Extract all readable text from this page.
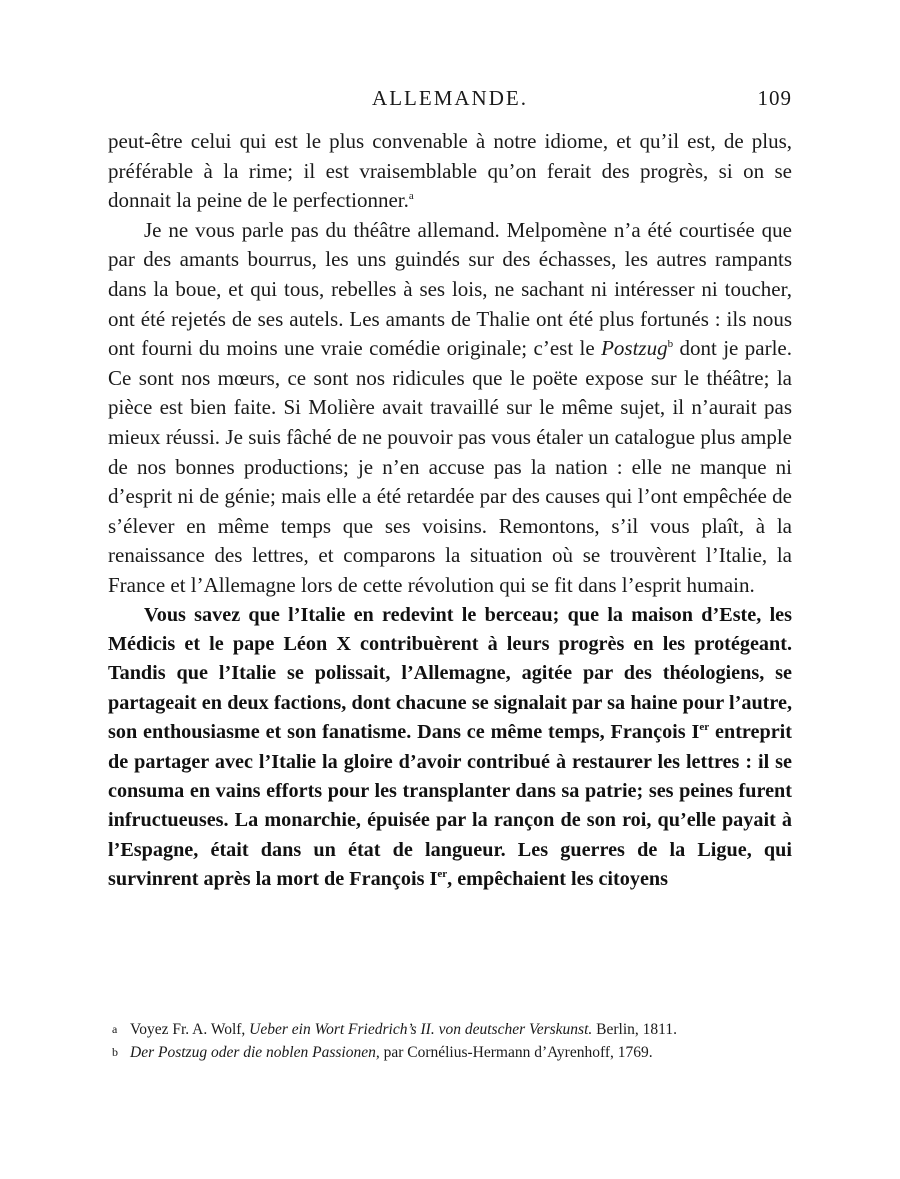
ALLEMANDE.	109

peut-être celui qui est le plus convenable à notre idiome, et qu’il est, de plus, préférable à la rime; il est vraisemblable qu’on ferait des progrès, si on se donnait la peine de le perfectionner.$^a$

Je ne vous parle pas du théâtre allemand. Melpomène n’a été courtisée que par des amants bourrus, les uns guindés sur des échasses, les autres rampants dans la boue, et qui tous, rebelles à ses lois, ne sachant ni intéresser ni toucher, ont été rejetés de ses autels. Les amants de Thalie ont été plus fortunés : ils nous ont fourni du moins une vraie comédie originale; c’est le Postzug$^b$ dont je parle. Ce sont nos mœurs, ce sont nos ridicules que le poëte expose sur le théâtre; la pièce est bien faite. Si Molière avait travaillé sur le même sujet, il n’aurait pas mieux réussi. Je suis fâché de ne pouvoir pas vous étaler un catalogue plus ample de nos bonnes productions; je n’en accuse pas la nation : elle ne manque ni d’esprit ni de génie; mais elle a été retardée par des causes qui l’ont empêchée de s’élever en même temps que ses voisins. Remontons, s’il vous plaît, à la renaissance des lettres, et comparons la situation où se trouvèrent l’Italie, la France et l’Allemagne lors de cette révolution qui se fit dans l’esprit humain.

Vous savez que l’Italie en redevint le berceau; que la maison d’Este, les Médicis et le pape Léon X contribuèrent à leurs progrès en les protégeant. Tandis que l’Italie se polissait, l’Allemagne, agitée par des théologiens, se partageait en deux factions, dont chacune se signalait par sa haine pour l’autre, son enthousiasme et son fanatisme. Dans ce même temps, François Ier entreprit de partager avec l’Italie la gloire d’avoir contribué à restaurer les lettres : il se consuma en vains efforts pour les transplanter dans sa patrie; ses peines furent infructueuses. La monarchie, épuisée par la rançon de son roi, qu’elle payait à l’Espagne, était dans un état de langueur. Les guerres de la Ligue, qui survinrent après la mort de François Ier, empêchaient les citoyens

a Voyez Fr. A. Wolf, Ueber ein Wort Friedrich’s II. von deutscher Verskunst. Berlin, 1811.
b Der Postzug oder die noblen Passionen, par Cornélius-Hermann d’Ayrenhoff, 1769.
